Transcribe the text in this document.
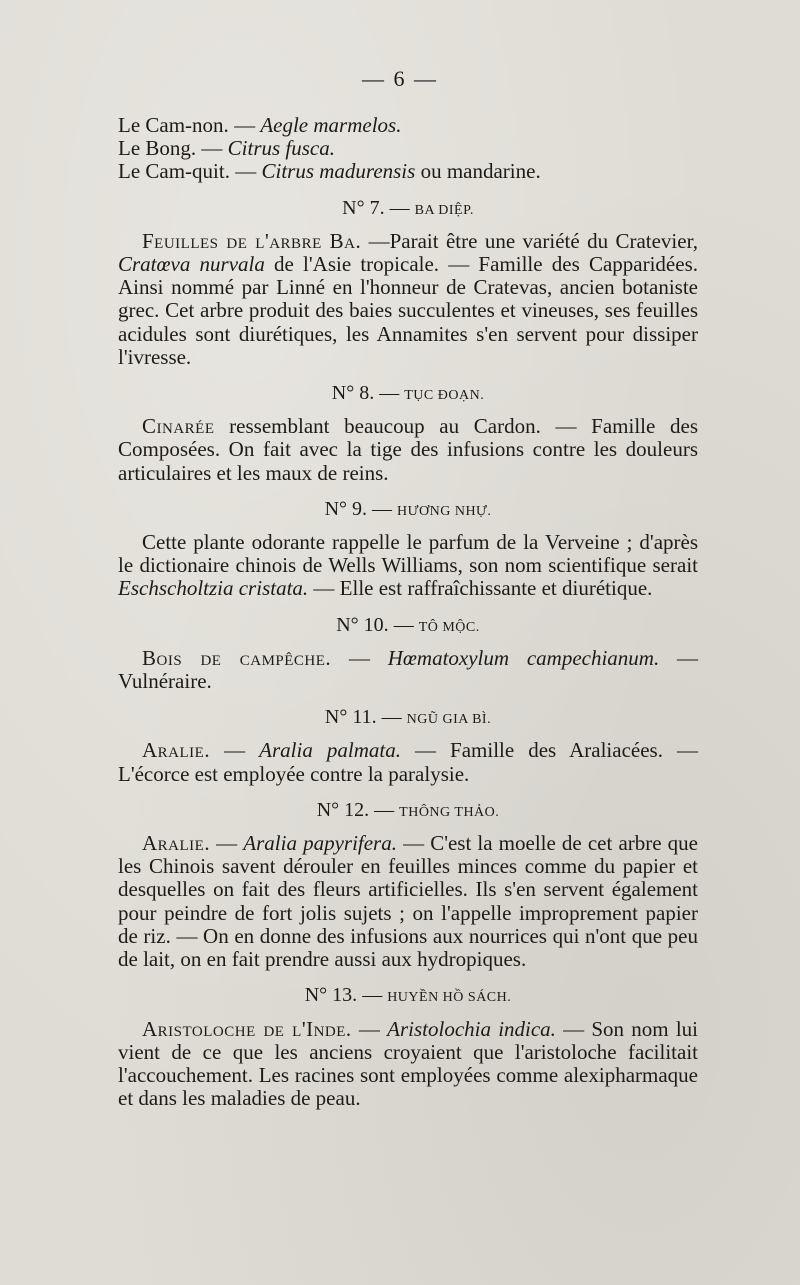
— 6 —

Le Cam-non. — Aegle marmelos.

Le Bong. — Citrus fusca.

Le Cam-quit. — Citrus madurensis ou mandarine.

N° 7. — BA DIỆP.

Feuilles de l'arbre Ba. —Parait être une variété du Cratevier, Cratœva nurvala de l'Asie tropicale. — Famille des Capparidées. Ainsi nommé par Linné en l'honneur de Cratevas, ancien botaniste grec. Cet arbre produit des baies succulentes et vineuses, ses feuilles acidules sont diurétiques, les Annamites s'en servent pour dissiper l'ivresse.

N° 8. — TỤC ĐOẠN.

Cinarée ressemblant beaucoup au Cardon. — Famille des Composées. On fait avec la tige des infusions contre les douleurs articulaires et les maux de reins.

N° 9. — HƯƠNG NHỰ.

Cette plante odorante rappelle le parfum de la Verveine ; d'après le dictionaire chinois de Wells Williams, son nom scientifique serait Eschscholtzia cristata. — Elle est raffraîchissante et diurétique.

N° 10. — TÔ MỘC.

Bois de campêche. — Hœmatoxylum campechianum. — Vulnéraire.

N° 11. — NGŨ GIA BÌ.

Aralie. — Aralia palmata. — Famille des Araliacées. — L'écorce est employée contre la paralysie.

N° 12. — THÔNG THẢO.

Aralie. — Aralia papyrifera. — C'est la moelle de cet arbre que les Chinois savent dérouler en feuilles minces comme du papier et desquelles on fait des fleurs artificielles. Ils s'en servent également pour peindre de fort jolis sujets ; on l'appelle improprement papier de riz. — On en donne des infusions aux nourrices qui n'ont que peu de lait, on en fait prendre aussi aux hydropiques.

N° 13. — HUYỀN HỒ SÁCH.

Aristoloche de l'Inde. — Aristolochia indica. — Son nom lui vient de ce que les anciens croyaient que l'aristoloche facilitait l'accouchement. Les racines sont employées comme alexipharmaque et dans les maladies de peau.
